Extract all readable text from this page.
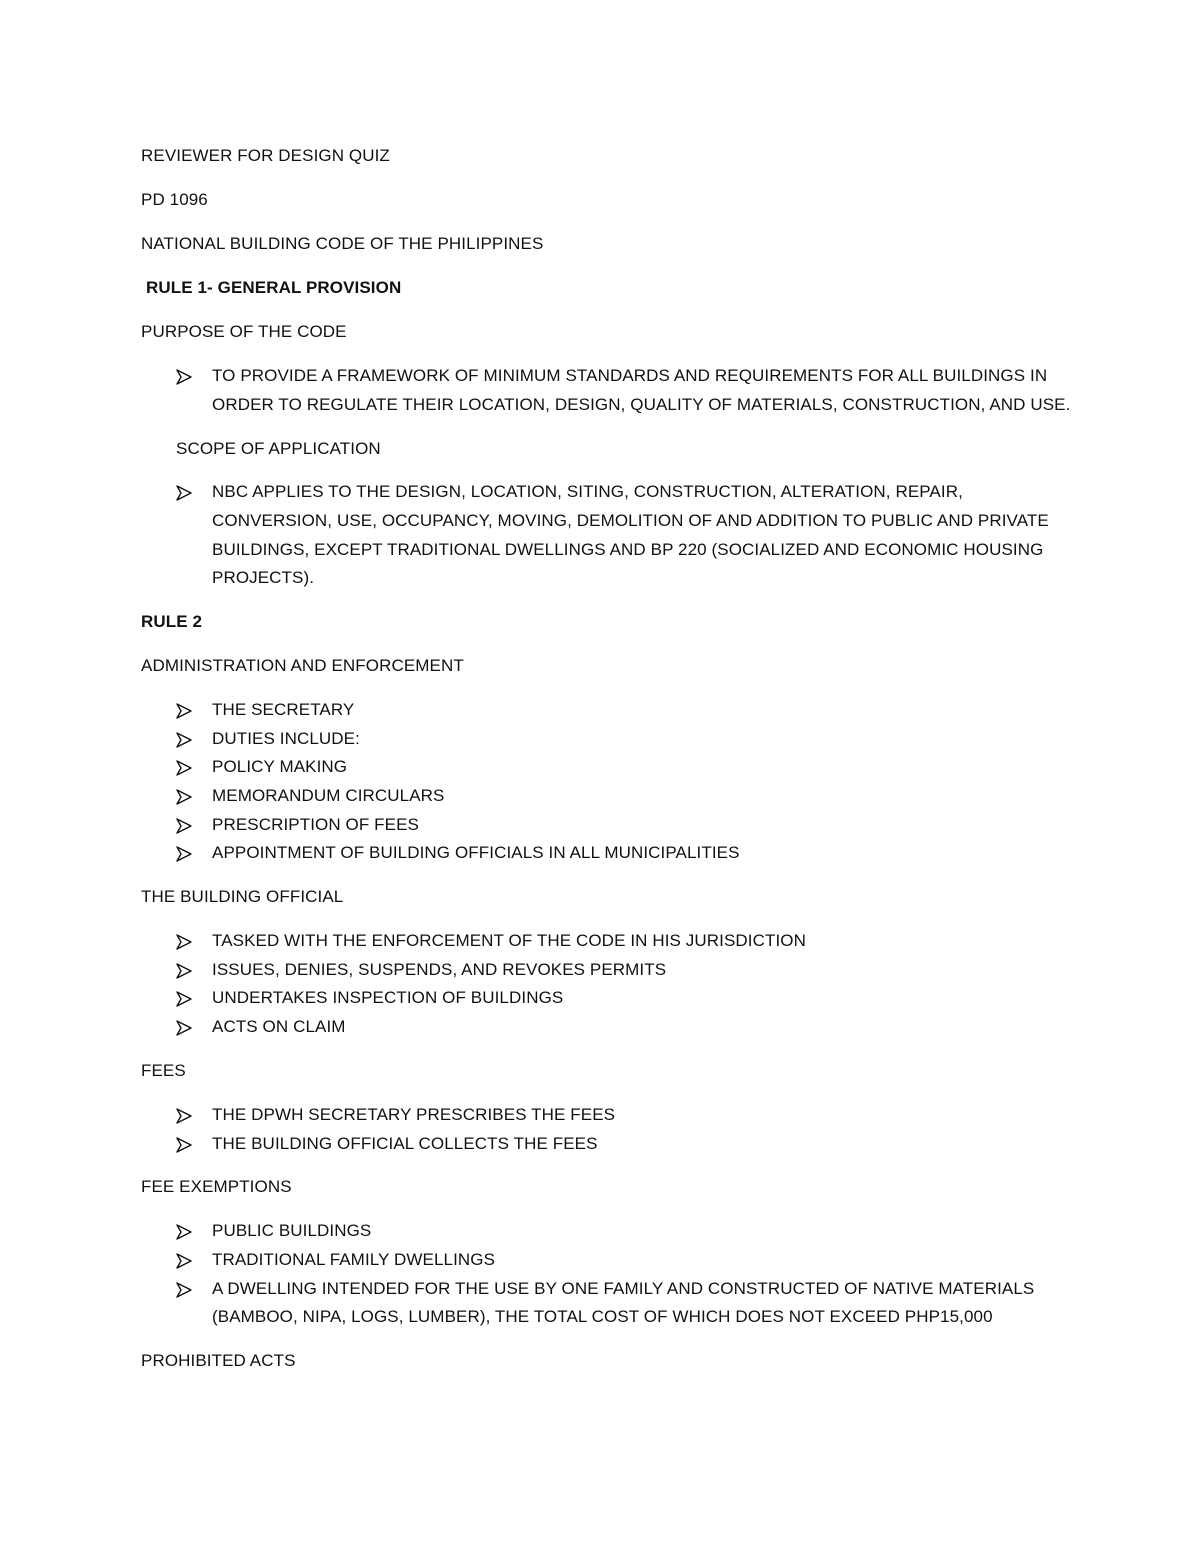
REVIEWER FOR DESIGN QUIZ

PD 1096

NATIONAL BUILDING CODE OF THE PHILIPPINES

RULE 1- GENERAL PROVISION

PURPOSE OF THE CODE

TO PROVIDE A FRAMEWORK OF MINIMUM STANDARDS AND REQUIREMENTS FOR ALL BUILDINGS IN ORDER TO REGULATE THEIR LOCATION, DESIGN, QUALITY OF MATERIALS, CONSTRUCTION, AND USE.

SCOPE OF APPLICATION

NBC APPLIES TO THE DESIGN, LOCATION, SITING, CONSTRUCTION, ALTERATION, REPAIR, CONVERSION, USE, OCCUPANCY, MOVING, DEMOLITION OF AND ADDITION TO PUBLIC AND PRIVATE BUILDINGS, EXCEPT TRADITIONAL DWELLINGS AND BP 220 (SOCIALIZED AND ECONOMIC HOUSING PROJECTS).

RULE 2

ADMINISTRATION AND ENFORCEMENT

THE SECRETARY
DUTIES INCLUDE:
POLICY MAKING
MEMORANDUM CIRCULARS
PRESCRIPTION OF FEES
APPOINTMENT OF BUILDING OFFICIALS IN ALL MUNICIPALITIES

THE BUILDING OFFICIAL

TASKED WITH THE ENFORCEMENT OF THE CODE IN HIS JURISDICTION
ISSUES, DENIES, SUSPENDS, AND REVOKES PERMITS
UNDERTAKES INSPECTION OF BUILDINGS
ACTS ON CLAIM

FEES

THE DPWH SECRETARY PRESCRIBES THE FEES
THE BUILDING OFFICIAL COLLECTS THE FEES

FEE EXEMPTIONS

PUBLIC BUILDINGS
TRADITIONAL FAMILY DWELLINGS
A DWELLING INTENDED FOR THE USE BY ONE FAMILY AND CONSTRUCTED OF NATIVE MATERIALS (BAMBOO, NIPA, LOGS, LUMBER), THE TOTAL COST OF WHICH DOES NOT EXCEED PHP15,000

PROHIBITED ACTS
